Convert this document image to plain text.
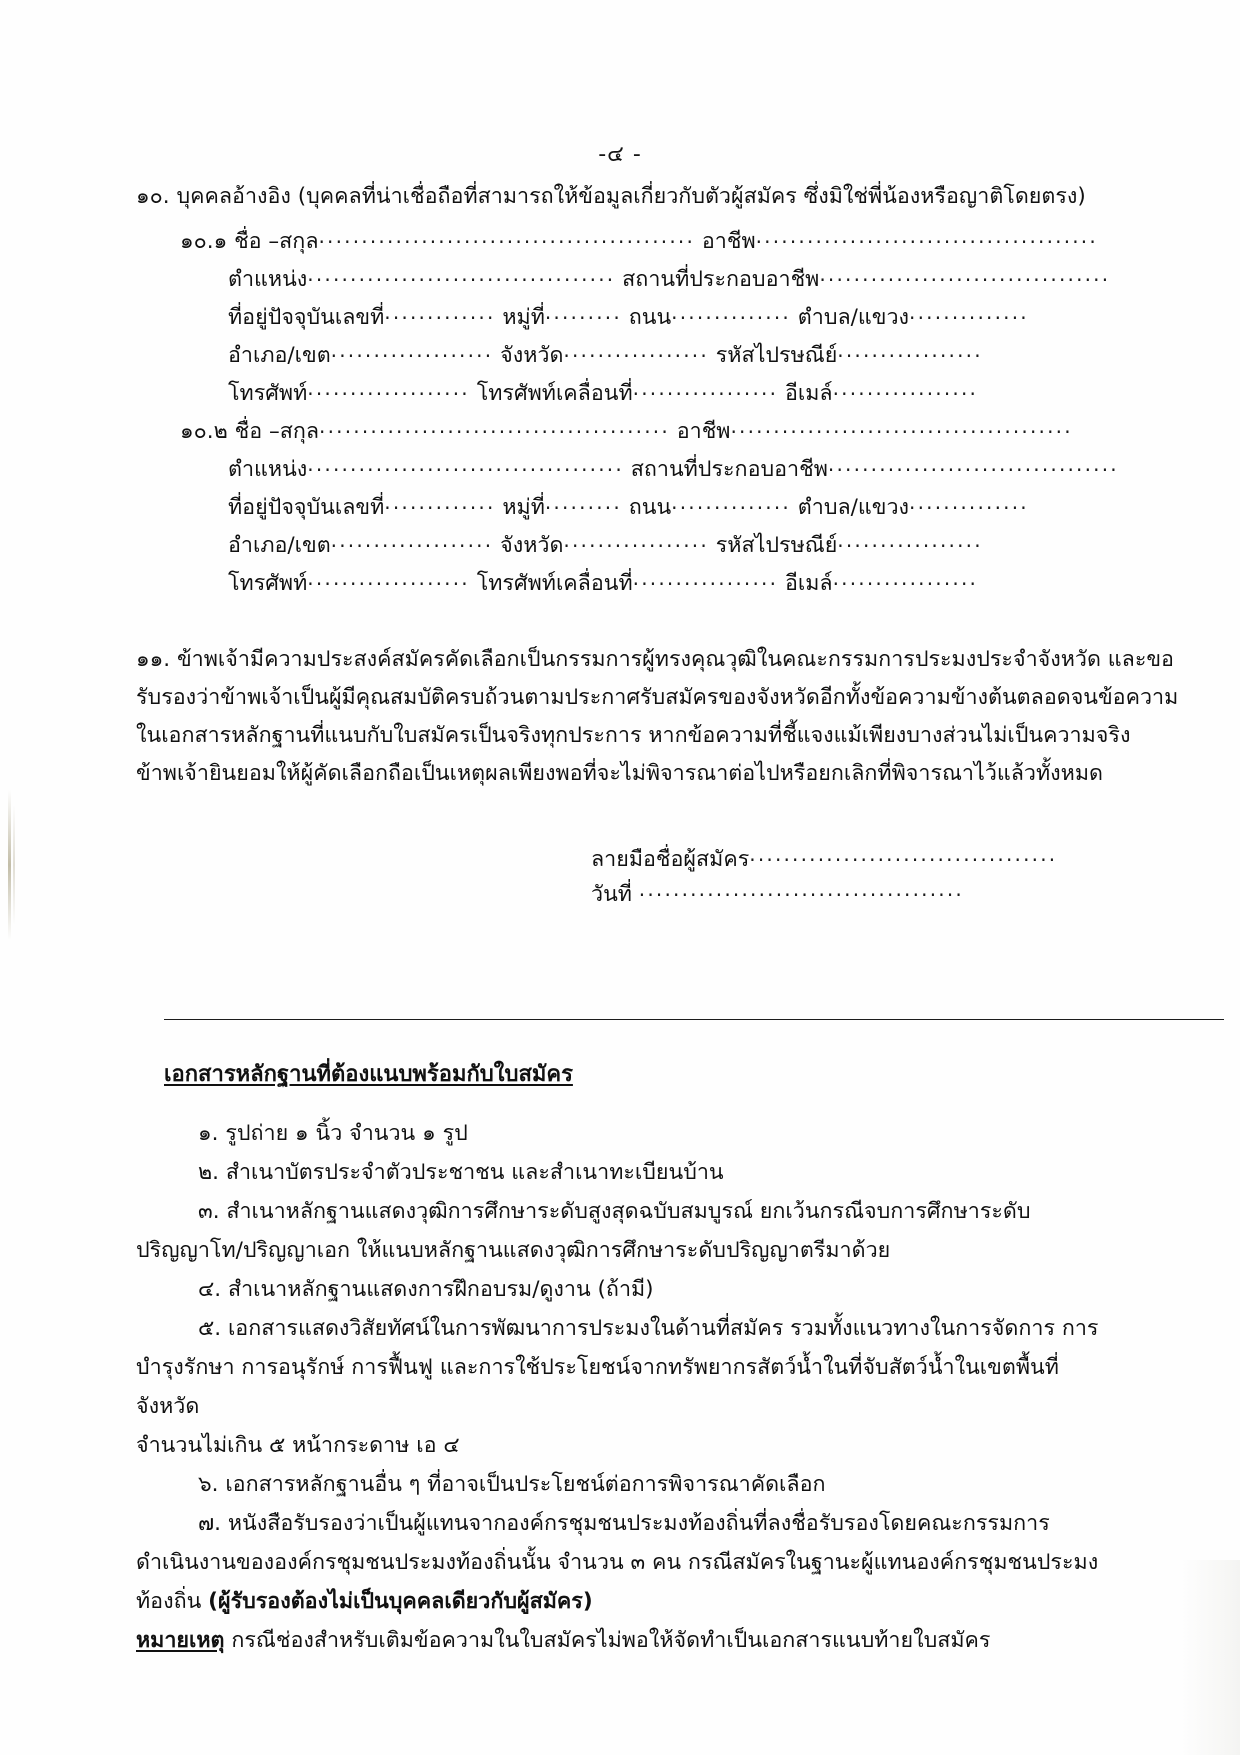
-๔ -
๑๐. บุคคลอ้างอิง (บุคคลที่น่าเชื่อถือที่สามารถให้ข้อมูลเกี่ยวกับตัวผู้สมัคร ซึ่งมิใช่พี่น้องหรือญาติโดยตรง)
๑๐.๑ ชื่อ –สกุล............................................ อาชีพ........................................
ตำแหน่ง.................................... สถานที่ประกอบอาชีพ..................................
ที่อยู่ปัจจุบันเลขที่............. หมู่ที่......... ถนน.............. ตำบล/แขวง..............
อำเภอ/เขต................... จังหวัด................. รหัสไปรษณีย์.................
โทรศัพท์................... โทรศัพท์เคลื่อนที่................. อีเมล์.................
๑๐.๒ ชื่อ –สกุล......................................... อาชีพ........................................
ตำแหน่ง..................................... สถานที่ประกอบอาชีพ..................................
ที่อยู่ปัจจุบันเลขที่............. หมู่ที่......... ถนน.............. ตำบล/แขวง..............
อำเภอ/เขต................... จังหวัด................. รหัสไปรษณีย์.................
โทรศัพท์................... โทรศัพท์เคลื่อนที่................. อีเมล์.................
๑๑. ข้าพเจ้ามีความประสงค์สมัครคัดเลือกเป็นกรรมการผู้ทรงคุณวุฒิในคณะกรรมการประมงประจำจังหวัด และขอ
รับรองว่าข้าพเจ้าเป็นผู้มีคุณสมบัติครบถ้วนตามประกาศรับสมัครของจังหวัดอีกทั้งข้อความข้างต้นตลอดจนข้อความ
ในเอกสารหลักฐานที่แนบกับใบสมัครเป็นจริงทุกประการ หากข้อความที่ชี้แจงแม้เพียงบางส่วนไม่เป็นความจริง
ข้าพเจ้ายินยอมให้ผู้คัดเลือกถือเป็นเหตุผลเพียงพอที่จะไม่พิจารณาต่อไปหรือยกเลิกที่พิจารณาไว้แล้วทั้งหมด
ลายมือชื่อผู้สมัคร....................................
วันที่ ......................................
เอกสารหลักฐานที่ต้องแนบพร้อมกับใบสมัคร
๑. รูปถ่าย ๑ นิ้ว จำนวน ๑ รูป
๒. สำเนาบัตรประจำตัวประชาชน และสำเนาทะเบียนบ้าน
๓. สำเนาหลักฐานแสดงวุฒิการศึกษาระดับสูงสุดฉบับสมบูรณ์ ยกเว้นกรณีจบการศึกษาระดับ
ปริญญาโท/ปริญญาเอก ให้แนบหลักฐานแสดงวุฒิการศึกษาระดับปริญญาตรีมาด้วย
๔. สำเนาหลักฐานแสดงการฝึกอบรม/ดูงาน (ถ้ามี)
๕. เอกสารแสดงวิสัยทัศน์ในการพัฒนาการประมงในด้านที่สมัคร รวมทั้งแนวทางในการจัดการ การ
บำรุงรักษา การอนุรักษ์ การฟื้นฟู และการใช้ประโยชน์จากทรัพยากรสัตว์น้ำในที่จับสัตว์น้ำในเขตพื้นที่จังหวัด
จำนวนไม่เกิน ๕ หน้ากระดาษ เอ ๔
๖. เอกสารหลักฐานอื่น ๆ ที่อาจเป็นประโยชน์ต่อการพิจารณาคัดเลือก
๗. หนังสือรับรองว่าเป็นผู้แทนจากองค์กรชุมชนประมงท้องถิ่นที่ลงชื่อรับรองโดยคณะกรรมการ
ดำเนินงานขององค์กรชุมชนประมงท้องถิ่นนั้น จำนวน ๓ คน กรณีสมัครในฐานะผู้แทนองค์กรชุมชนประมง
ท้องถิ่น (ผู้รับรองต้องไม่เป็นบุคคลเดียวกับผู้สมัคร)
หมายเหตุ กรณีช่องสำหรับเติมข้อความในใบสมัครไม่พอให้จัดทำเป็นเอกสารแนบท้ายใบสมัคร
